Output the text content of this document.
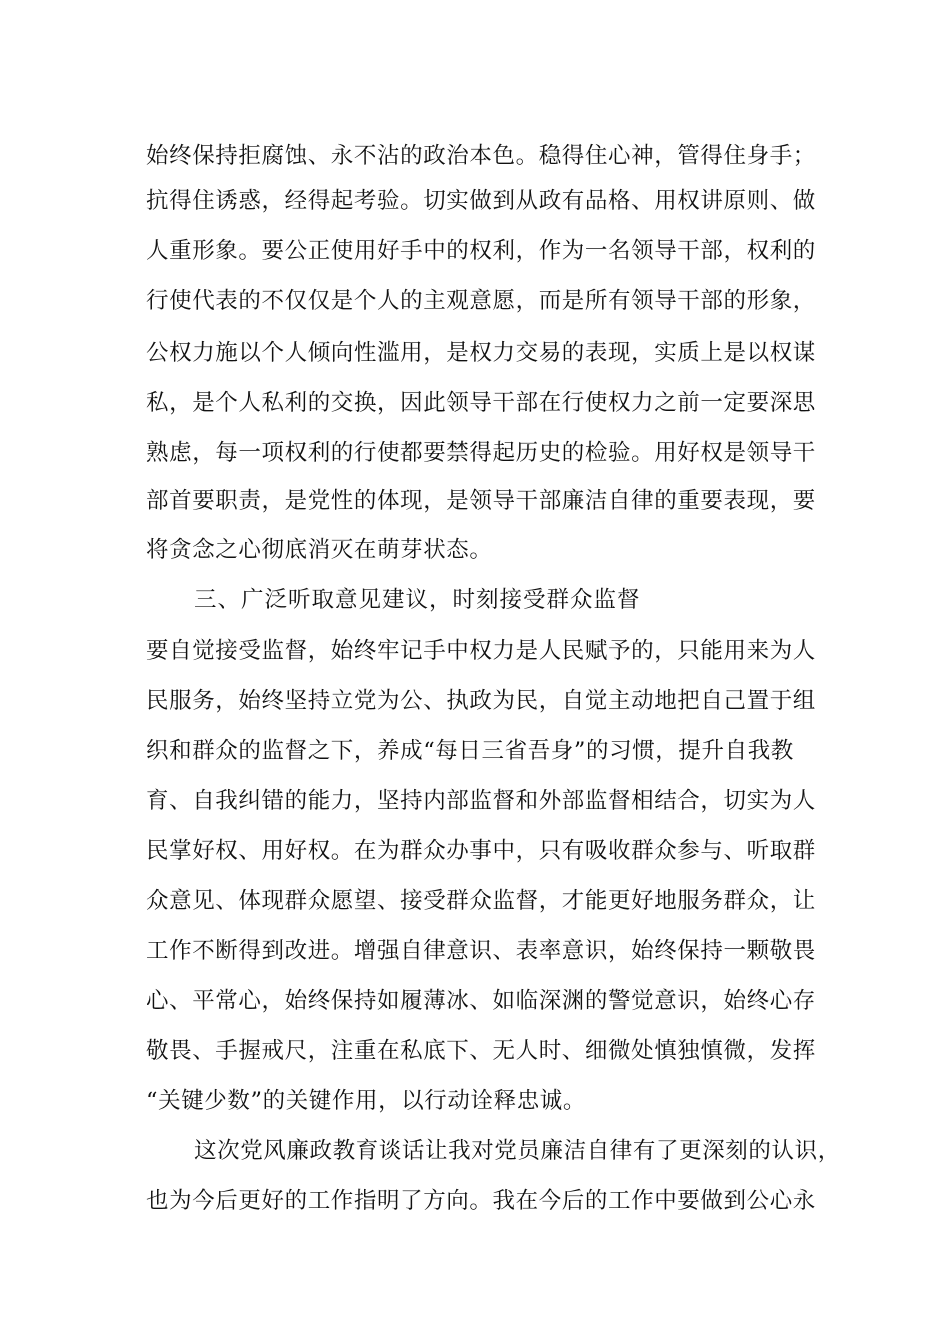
始终保持拒腐蚀、永不沾的政治本色。稳得住心神，管得住身手；
抗得住诱惑，经得起考验。切实做到从政有品格、用权讲原则、做
人重形象。要公正使用好手中的权利，作为一名领导干部，权利的
行使代表的不仅仅是个人的主观意愿，而是所有领导干部的形象，
公权力施以个人倾向性滥用，是权力交易的表现，实质上是以权谋
私，是个人私利的交换，因此领导干部在行使权力之前一定要深思
熟虑，每一项权利的行使都要禁得起历史的检验。用好权是领导干
部首要职责，是党性的体现，是领导干部廉洁自律的重要表现，要
将贪念之心彻底消灭在萌芽状态。
三、广泛听取意见建议，时刻接受群众监督
要自觉接受监督，始终牢记手中权力是人民赋予的，只能用来为人
民服务，始终坚持立党为公、执政为民，自觉主动地把自己置于组
织和群众的监督之下，养成“每日三省吾身”的习惯，提升自我教
育、自我纠错的能力，坚持内部监督和外部监督相结合，切实为人
民掌好权、用好权。在为群众办事中，只有吸收群众参与、听取群
众意见、体现群众愿望、接受群众监督，才能更好地服务群众，让
工作不断得到改进。增强自律意识、表率意识，始终保持一颗敬畏
心、平常心，始终保持如履薄冰、如临深渊的警觉意识，始终心存
敬畏、手握戒尺，注重在私底下、无人时、细微处慎独慎微，发挥
“关键少数”的关键作用，以行动诠释忠诚。
这次党风廉政教育谈话让我对党员廉洁自律有了更深刻的认识，
也为今后更好的工作指明了方向。我在今后的工作中要做到公心永
